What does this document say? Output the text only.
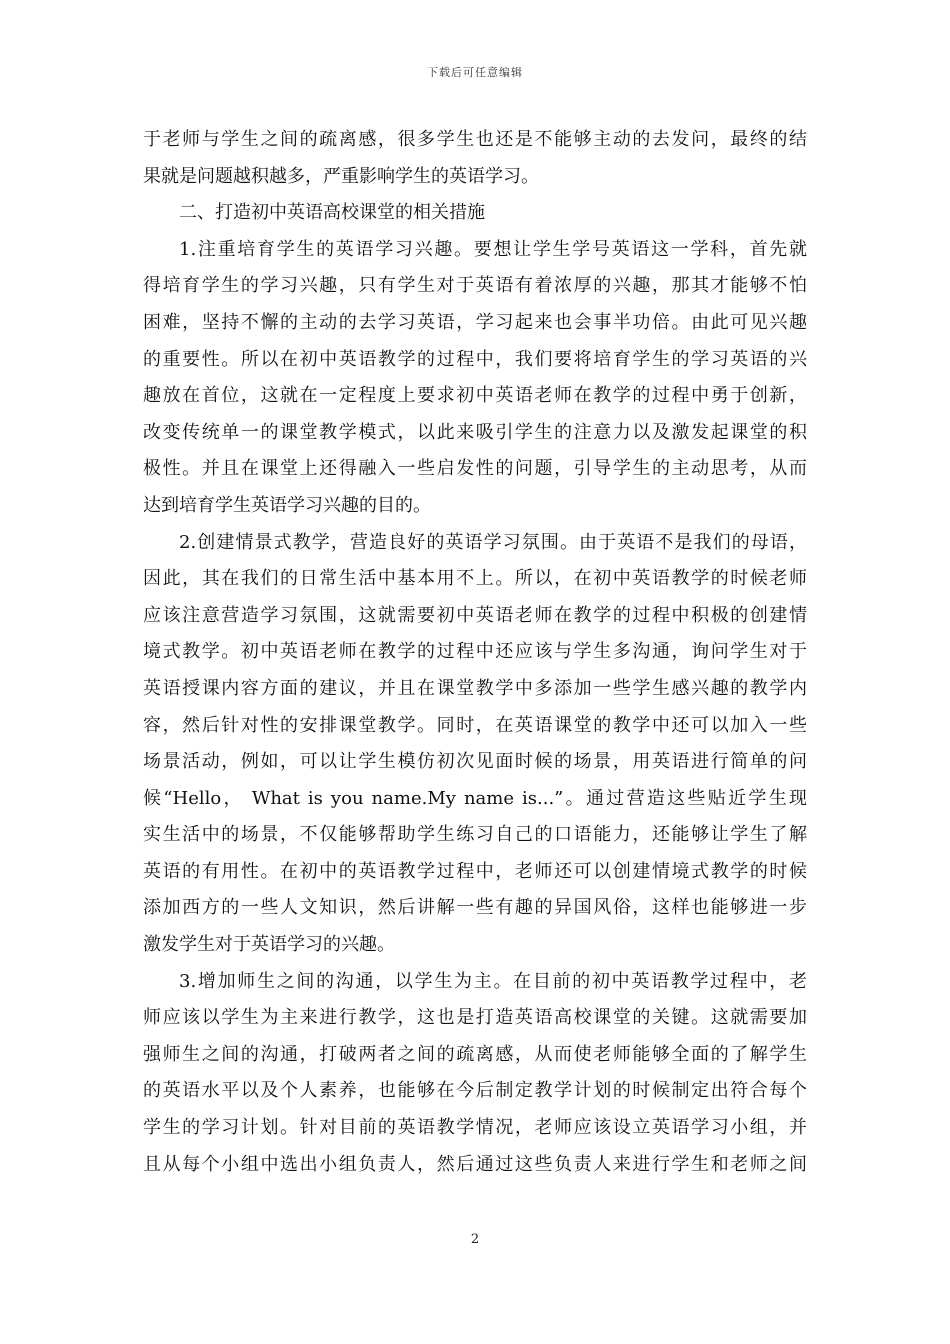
下载后可任意编辑
于老师与学生之间的疏离感，很多学生也还是不能够主动的去发问，最终的结
果就是问题越积越多，严重影响学生的英语学习。
二、打造初中英语高校课堂的相关措施
1.注重培育学生的英语学习兴趣。要想让学生学号英语这一学科，首先就
得培育学生的学习兴趣，只有学生对于英语有着浓厚的兴趣，那其才能够不怕
困难，坚持不懈的主动的去学习英语，学习起来也会事半功倍。由此可见兴趣
的重要性。所以在初中英语教学的过程中，我们要将培育学生的学习英语的兴
趣放在首位，这就在一定程度上要求初中英语老师在教学的过程中勇于创新，
改变传统单一的课堂教学模式，以此来吸引学生的注意力以及激发起课堂的积
极性。并且在课堂上还得融入一些启发性的问题，引导学生的主动思考，从而
达到培育学生英语学习兴趣的目的。
2.创建情景式教学，营造良好的英语学习氛围。由于英语不是我们的母语，
因此，其在我们的日常生活中基本用不上。所以，在初中英语教学的时候老师
应该注意营造学习氛围，这就需要初中英语老师在教学的过程中积极的创建情
境式教学。初中英语老师在教学的过程中还应该与学生多沟通，询问学生对于
英语授课内容方面的建议，并且在课堂教学中多添加一些学生感兴趣的教学内
容，然后针对性的安排课堂教学。同时，在英语课堂的教学中还可以加入一些
场景活动，例如，可以让学生模仿初次见面时候的场景，用英语进行简单的问
候“Hello， What is you name.My name is...”。通过营造这些贴近学生现
实生活中的场景，不仅能够帮助学生练习自己的口语能力，还能够让学生了解
英语的有用性。在初中的英语教学过程中，老师还可以创建情境式教学的时候
添加西方的一些人文知识，然后讲解一些有趣的异国风俗，这样也能够进一步
激发学生对于英语学习的兴趣。
3.增加师生之间的沟通，以学生为主。在目前的初中英语教学过程中，老
师应该以学生为主来进行教学，这也是打造英语高校课堂的关键。这就需要加
强师生之间的沟通，打破两者之间的疏离感，从而使老师能够全面的了解学生
的英语水平以及个人素养，也能够在今后制定教学计划的时候制定出符合每个
学生的学习计划。针对目前的英语教学情况，老师应该设立英语学习小组，并
且从每个小组中选出小组负责人，然后通过这些负责人来进行学生和老师之间
2
